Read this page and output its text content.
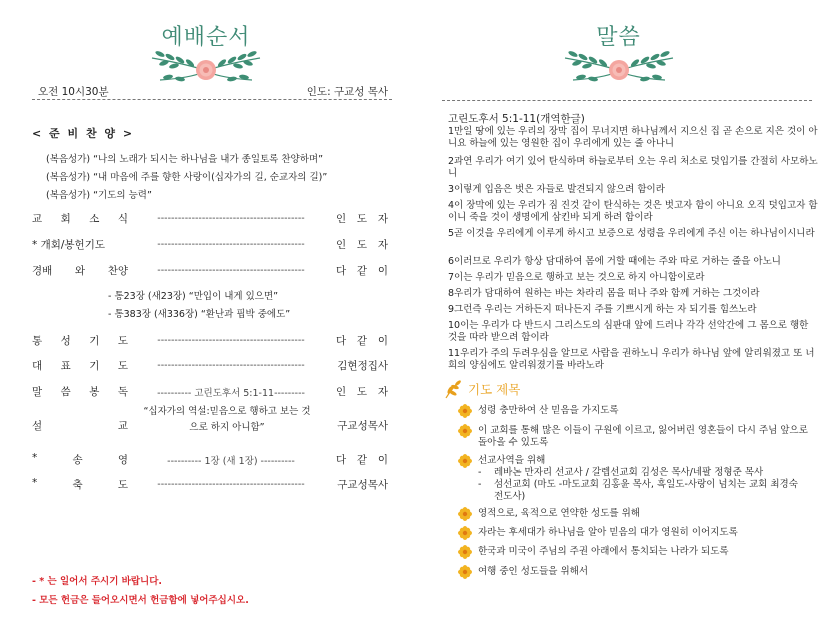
예배순서
오전 10시30분	인도: 구교성 목사
< 준 비 찬 양 >
(복음성가) “나의 노래가 되시는 하나님을 내가 종일토록 찬양하며”
(복음성가) “내 마음에 주를 향한 사랑이(십자가의 길, 순교자의 길)”
(복음성가) “기도의 능력”
교 회 소 식	-------------------------------------------	인 도 자
* 개회/봉헌기도	-------------------------------------------	인 도 자
경배 와 찬양	-------------------------------------------	다 같 이
- 통23장 (새23장) “만입이 내게 있으면”
- 통383장 (새336장) “환난과 핍박 중에도”
통 성 기 도	-------------------------------------------	다 같 이
대 표 기 도	-------------------------------------------	김현정집사
말 씀 봉 독	---------- 고린도후서 5:1-11---------	인 도 자
설	교	구교성목사
“십자가의 역설:믿음으로 행하고 보는 것
으로 하지 아니함”
*	송	영	---------- 1장 (새 1장) ----------	다 같 이
*	축	도	-------------------------------------------	구교성목사
- * 는 일어서 주시기 바랍니다.
- 모든 헌금은 들어오시면서 헌금함에 넣어주십시오.
말씀
고린도후서 5:1-11(개역한글)
1만일 땅에 있는 우리의 장막 집이 무너지면 하나님께서 지으신 집 곧 손으로 지은 것이 아니요 하늘에 있는 영원한 집이 우리에게 있는 줄 아나니
2과연 우리가 여기 있어 탄식하며 하늘로부터 오는 우리 처소로 덧입기를 간절히 사모하노니
3이렇게 입음은 벗은 자들로 발견되지 않으려 함이라
4이 장막에 있는 우리가 짐 진것 같이 탄식하는 것은 벗고자 함이 아니요 오직 덧입고자 함이니 죽을 것이 생명에게 삼킨바 되게 하려 함이라
5곧 이것을 우리에게 이루게 하시고 보증으로 성령을 우리에게 주신 이는 하나님이시니라
6이러므로 우리가 항상 담대하여 몸에 거할 때에는 주와 따로 거하는 줄을 아노니
7이는 우리가 믿음으로 행하고 보는 것으로 하지 아니함이로라
8우리가 담대하여 원하는 바는 차라리 몸을 떠나 주와 함께 거하는 그것이라
9그런즉 우리는 거하든지 떠나든지 주를 기쁘시게 하는 자 되기를 힘쓰노라
10이는 우리가 다 반드시 그리스도의 심판대 앞에 드러나 각각 선악간에 그 몸으로 행한 것을 따라 받으려 함이라
11우리가 주의 두려우심을 알므로 사람을 권하노니 우리가 하나님 앞에 알리워졌고 또 너희의 양심에도 알리워졌기를 바라노라
기도 제목
성령 충만하여 산 믿음을 가지도록
이 교회를 통해 많은 이들이 구원에 이르고, 잃어버린 영혼들이 다시 주님 앞으로 돌아올 수 있도록
선교사역을 위해
-	레바논 만자리 선교사 / 갈렙선교회 김성은 목사/네팔 정형준 목사
-	섬선교회 (마도 -마도교회 김홍윤 목사, 흑일도-사랑이 넘치는 교회 최경숙 전도사)
영적으로, 육적으로 연약한 성도를 위해
자라는 후세대가 하나님을 알아 믿음의 대가 영원히 이어지도록
한국과 미국이 주님의 주권 아래에서 통치되는 나라가 되도록
여행 중인 성도들을 위해서
